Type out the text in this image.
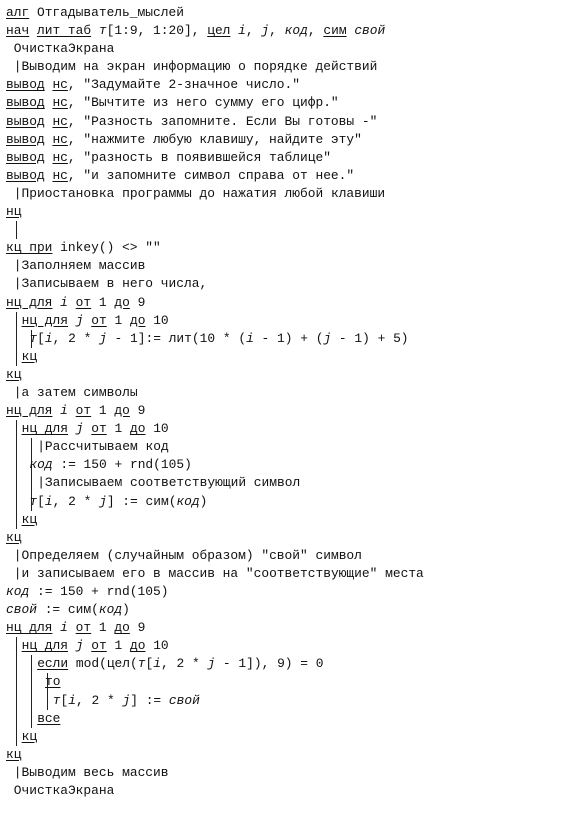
алг Отгадыватель_мыслей
нач лит таб т[1:9, 1:20], цел i, j, код, сим свой
ОчисткаЭкрана
|Выводим на экран информацию о порядке действий
вывод нс, "Задумайте 2-значное число."
вывод нс, "Вычтите из него сумму его цифр."
вывод нс, "Разность запомните. Если Вы готовы -"
вывод нс, "нажмите любую клавишу, найдите эту"
вывод нс, "разность в появившейся таблице"
вывод нс, "и запомните символ справа от нее."
|Приостановка программы до нажатия любой клавиши
нц
кц при inkey() <> ""
|Заполняем массив
|Записываем в него числа,
нц для i от 1 до 9
нц для j от 1 до 10
т[i, 2 * j - 1]:= лит(10 * (i - 1) + (j - 1) + 5)
кц
кц
|а затем символы
нц для i от 1 до 9
нц для j от 1 до 10
|Рассчитываем код
код := 150 + rnd(105)
|Записываем соответствующий символ
т[i, 2 * j] := сим(код)
кц
кц
|Определяем (случайным образом) "свой" символ
|и записываем его в массив на "соответствующие" места
код := 150 + rnd(105)
свой := сим(код)
нц для i от 1 до 9
нц для j от 1 до 10
если mod(цел(т[i, 2 * j - 1]), 9) = 0
то
т[i, 2 * j] := свой
все
кц
кц
|Выводим весь массив
ОчисткаЭкрана
